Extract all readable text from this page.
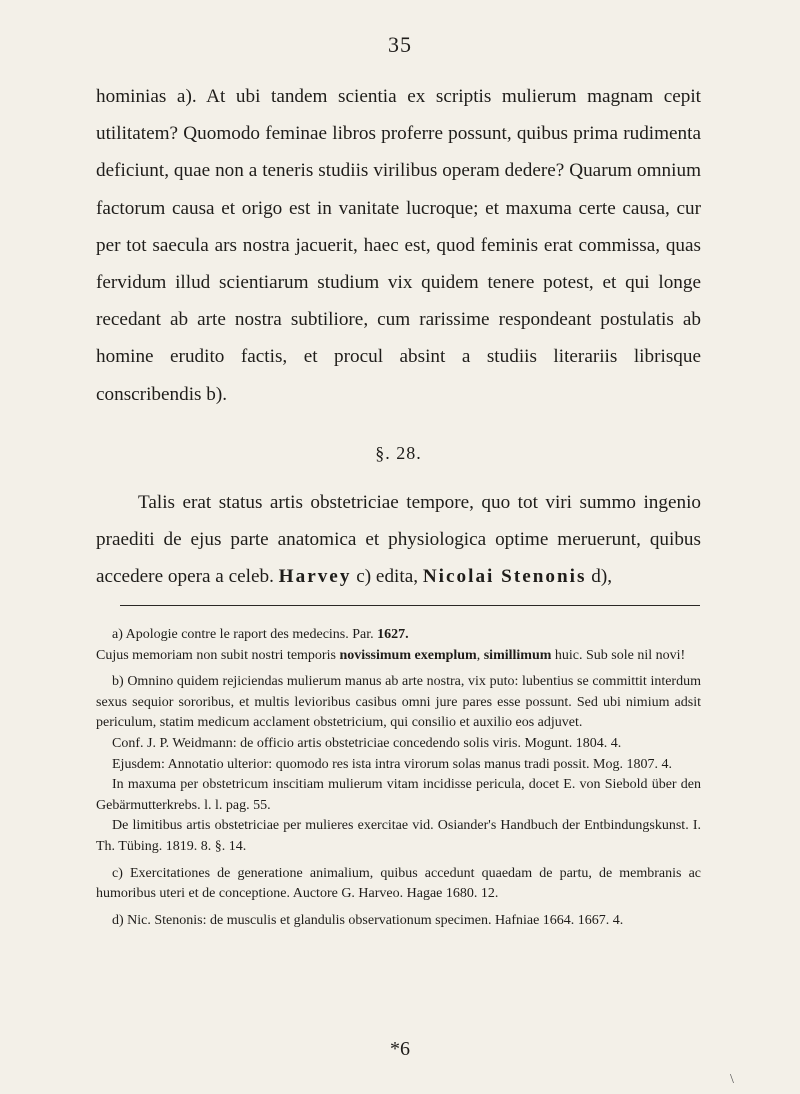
35

hominias a). At ubi tandem scientia ex scriptis mulierum magnam cepit utilitatem? Quomodo feminae libros proferre possunt, quibus prima rudimenta deficiunt, quae non a teneris studiis virilibus operam dedere? Quarum omnium factorum causa et origo est in vanitate lucroque; et maxuma certe causa, cur per tot saecula ars nostra jacuerit, haec est, quod feminis erat commissa, quas fervidum illud scientiarum studium vix quidem tenere potest, et qui longe recedant ab arte nostra subtiliore, cum rarissime respondeant postulatis ab homine erudito factis, et procul absint a studiis literariis librisque conscribendis b).

§. 28.

Talis erat status artis obstetriciae tempore, quo tot viri summo ingenio praediti de ejus parte anatomica et physiologica optime meruerunt, quibus accedere opera a celeb. Harvey c) edita, Nicolai Stenonis d),

a) Apologie contre le raport des medecins. Par. 1627.

Cujus memoriam non subit nostri temporis novissimum exemplum, simillimum huic. Sub sole nil novi!

b) Omnino quidem rejiciendas mulierum manus ab arte nostra, vix puto: lubentius se committit interdum sexus sequior sororibus, et multis levioribus casibus omni jure pares esse possunt. Sed ubi nimium adsit periculum, statim medicum acclament obstetricium, qui consilio et auxilio eos adjuvet.

Conf. J. P. Weidmann: de officio artis obstetriciae concedendo solis viris. Mogunt. 1804. 4.

Ejusdem: Annotatio ulterior: quomodo res ista intra virorum solas manus tradi possit. Mog. 1807. 4.

In maxuma per obstetricum inscitiam mulierum vitam incidisse pericula, docet E. von Siebold über den Gebärmutterkrebs. l. l. pag. 55.

De limitibus artis obstetriciae per mulieres exercitae vid. Osiander's Handbuch der Entbindungskunst. I. Th. Tübing. 1819. 8. §. 14.

c) Exercitationes de generatione animalium, quibus accedunt quaedam de partu, de membranis ac humoribus uteri et de conceptione. Auctore G. Harveo. Hagae 1680. 12.

d) Nic. Stenonis: de musculis et glandulis observationum specimen. Hafniae 1664. 1667. 4.

*6
\
